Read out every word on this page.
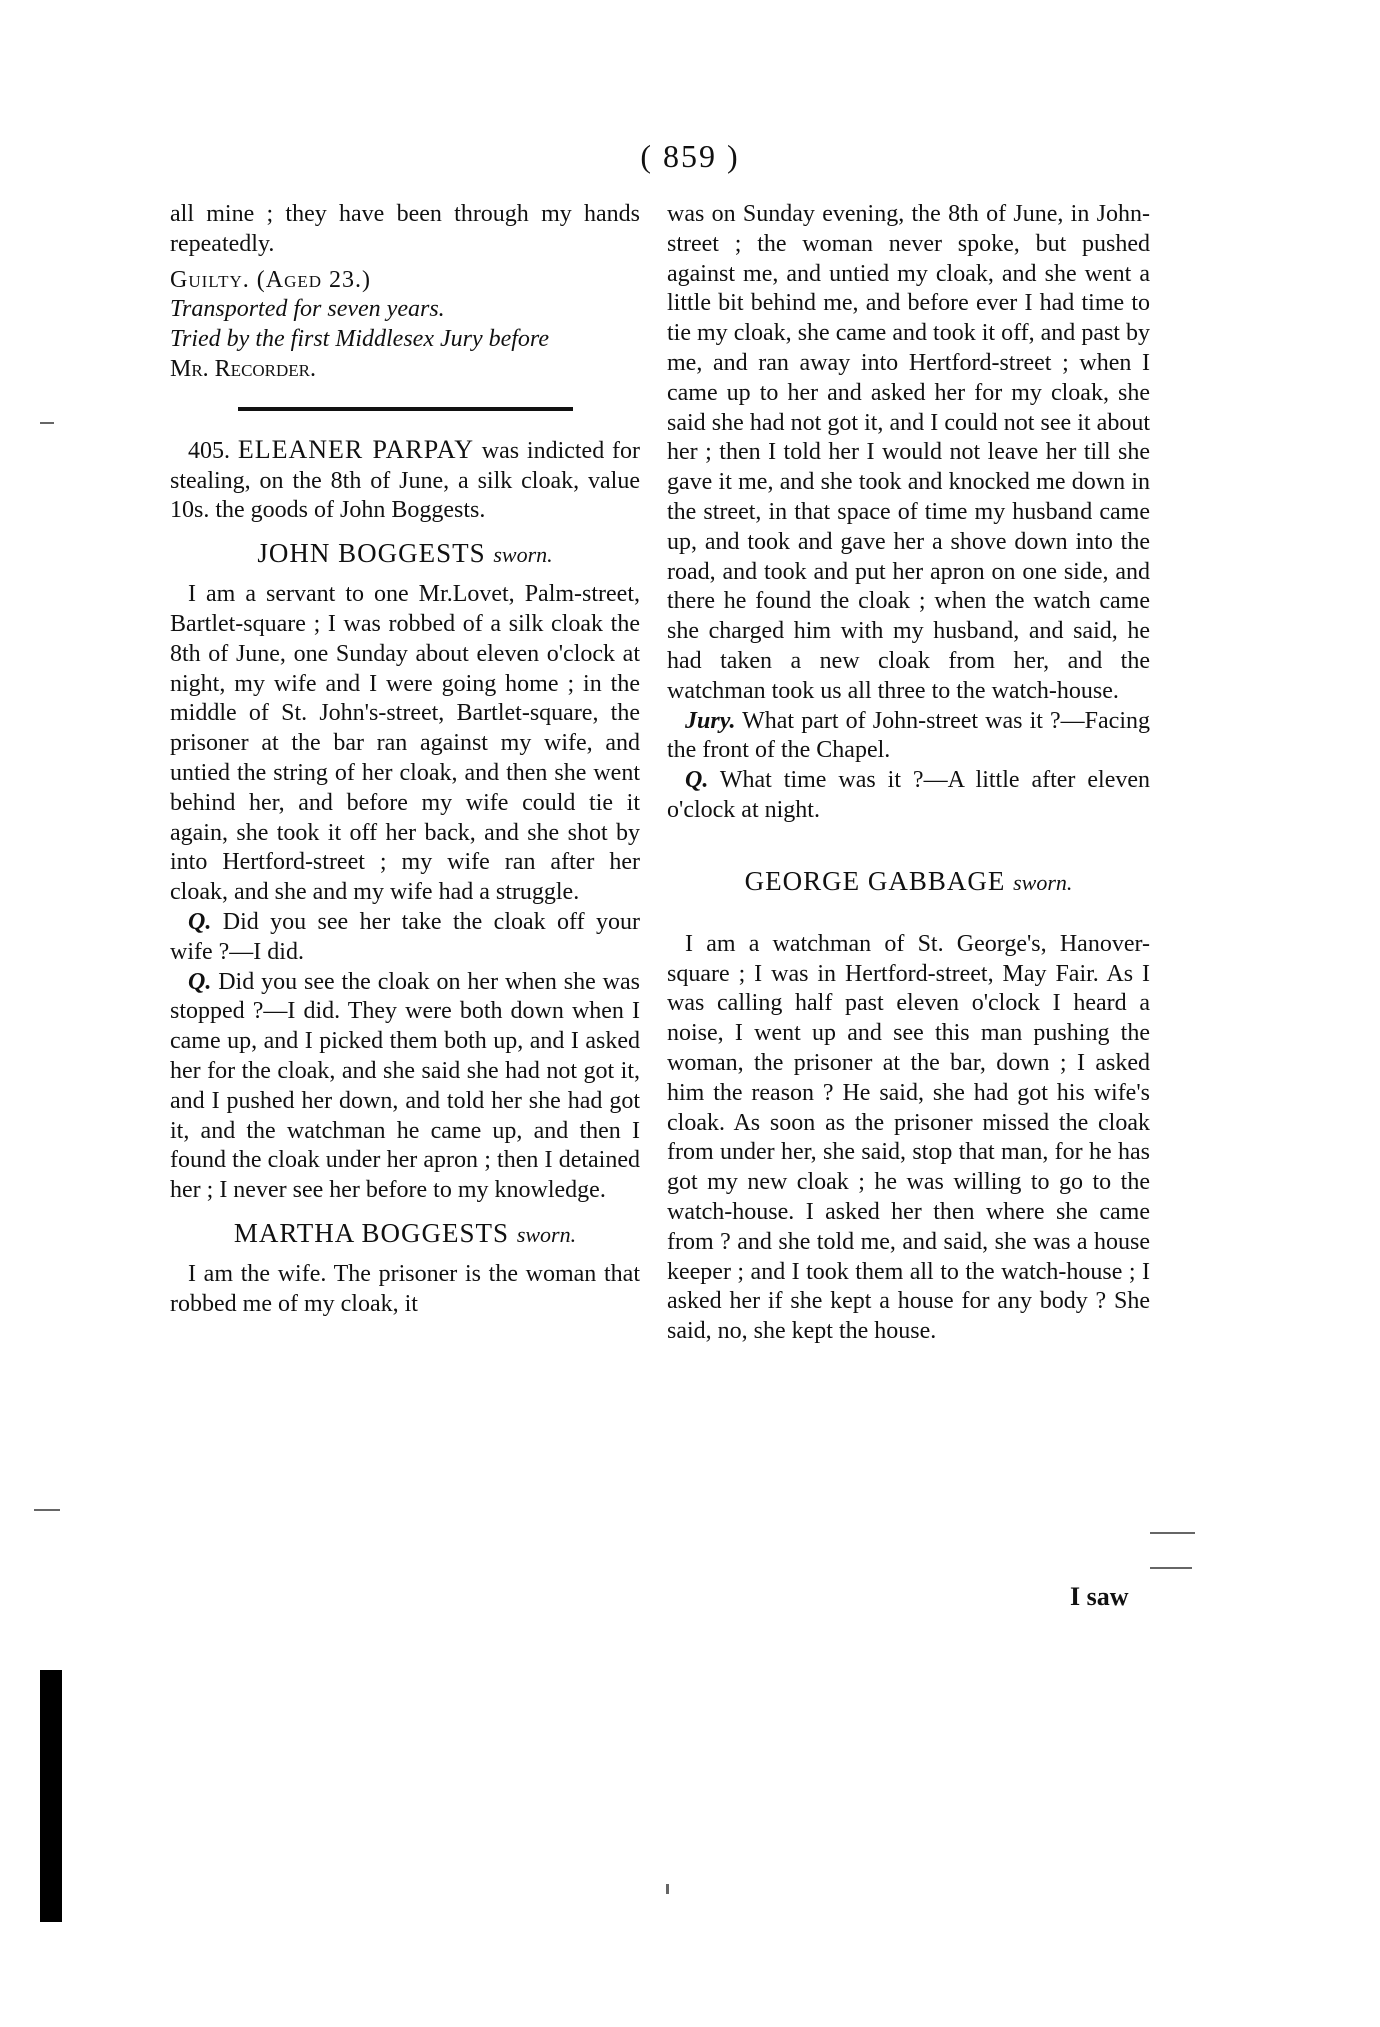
( 859 )

all mine ; they have been through my hands repeatedly.

Guilty. (Aged 23.)

Transported for seven years.

Tried by the first Middlesex Jury before

Mr. Recorder.

405. ELEANER PARPAY was indicted for stealing, on the 8th of June, a silk cloak, value 10s. the goods of John Boggests.

JOHN BOGGESTS sworn.

I am a servant to one Mr.Lovet, Palm-street, Bartlet-square ; I was robbed of a silk cloak the 8th of June, one Sunday about eleven o'clock at night, my wife and I were going home ; in the middle of St. John's-street, Bartlet-square, the prisoner at the bar ran against my wife, and untied the string of her cloak, and then she went behind her, and before my wife could tie it again, she took it off her back, and she shot by into Hertford-street ; my wife ran after her cloak, and she and my wife had a struggle.

Q. Did you see her take the cloak off your wife ?—I did.

Q. Did you see the cloak on her when she was stopped ?—I did. They were both down when I came up, and I picked them both up, and I asked her for the cloak, and she said she had not got it, and I pushed her down, and told her she had got it, and the watchman he came up, and then I found the cloak under her apron ; then I detained her ; I never see her before to my knowledge.

MARTHA BOGGESTS sworn.

I am the wife. The prisoner is the woman that robbed me of my cloak, it

was on Sunday evening, the 8th of June, in John-street ; the woman never spoke, but pushed against me, and untied my cloak, and she went a little bit behind me, and before ever I had time to tie my cloak, she came and took it off, and past by me, and ran away into Hertford-street ; when I came up to her and asked her for my cloak, she said she had not got it, and I could not see it about her ; then I told her I would not leave her till she gave it me, and she took and knocked me down in the street, in that space of time my husband came up, and took and gave her a shove down into the road, and took and put her apron on one side, and there he found the cloak ; when the watch came she charged him with my husband, and said, he had taken a new cloak from her, and the watchman took us all three to the watch-house.

Jury. What part of John-street was it ?—Facing the front of the Chapel.

Q. What time was it ?—A little after eleven o'clock at night.

GEORGE GABBAGE sworn.

I am a watchman of St. George's, Hanover-square ; I was in Hertford-street, May Fair. As I was calling half past eleven o'clock I heard a noise, I went up and see this man pushing the woman, the prisoner at the bar, down ; I asked him the reason ? He said, she had got his wife's cloak. As soon as the prisoner missed the cloak from under her, she said, stop that man, for he has got my new cloak ; he was willing to go to the watch-house. I asked her then where she came from ? and she told me, and said, she was a house keeper ; and I took them all to the watch-house ; I asked her if she kept a house for any body ? She said, no, she kept the house.

I saw
